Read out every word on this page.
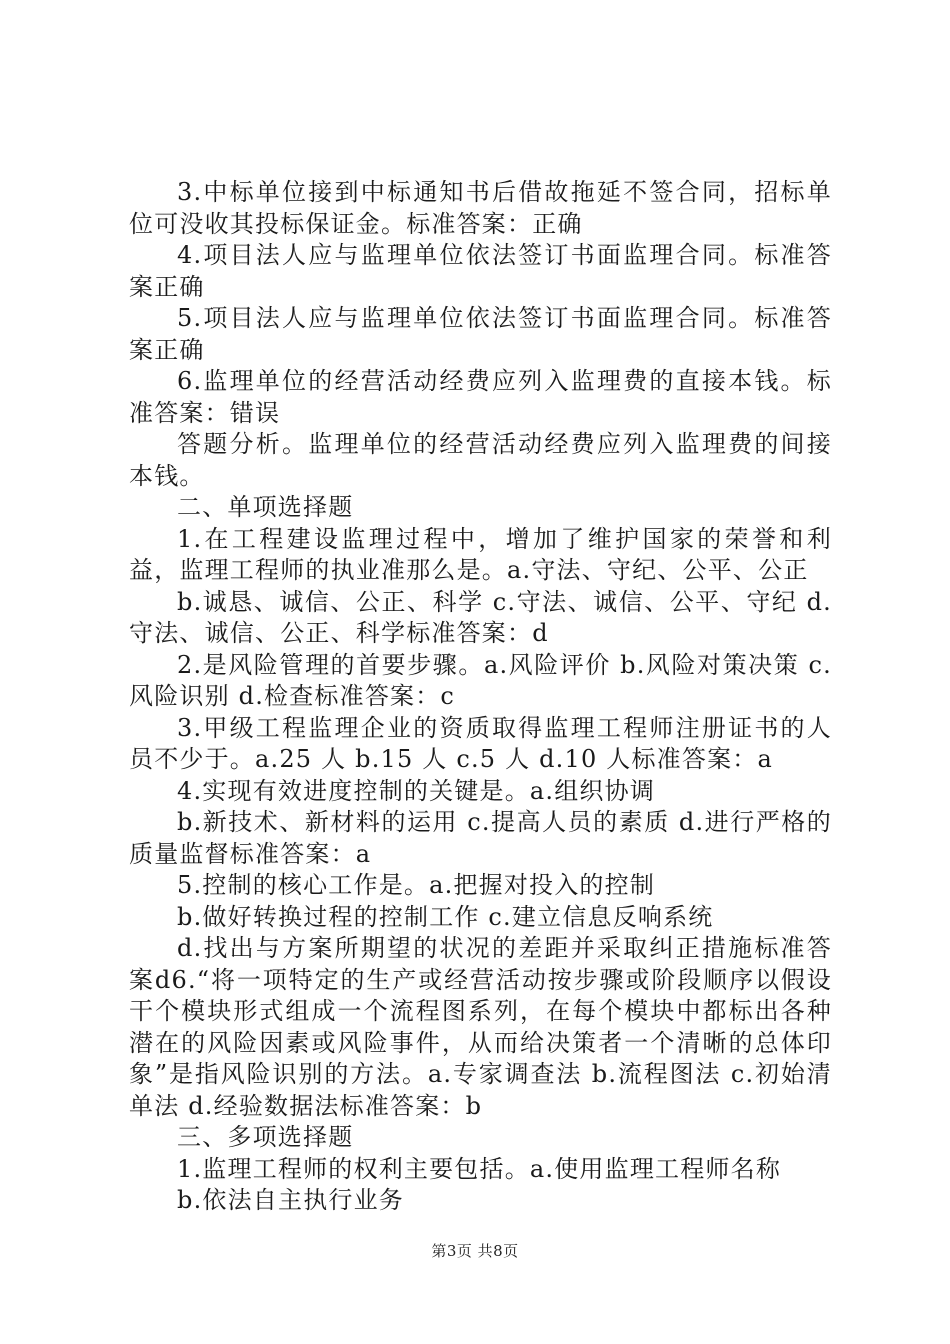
3.中标单位接到中标通知书后借故拖延不签合同，招标单位可没收其投标保证金。标准答案：正确

4.项目法人应与监理单位依法签订书面监理合同。标准答案正确

5.项目法人应与监理单位依法签订书面监理合同。标准答案正确

6.监理单位的经营活动经费应列入监理费的直接本钱。标准答案：错误

答题分析。监理单位的经营活动经费应列入监理费的间接本钱。

二、单项选择题

1.在工程建设监理过程中，增加了维护国家的荣誉和利益，监理工程师的执业准那么是。a.守法、守纪、公平、公正

b.诚恳、诚信、公正、科学 c.守法、诚信、公平、守纪 d.守法、诚信、公正、科学标准答案：d

2.是风险管理的首要步骤。a.风险评价 b.风险对策决策 c.风险识别 d.检查标准答案：c

3.甲级工程监理企业的资质取得监理工程师注册证书的人员不少于。a.25 人 b.15 人 c.5 人 d.10 人标准答案：a

4.实现有效进度控制的关键是。a.组织协调

b.新技术、新材料的运用 c.提高人员的素质 d.进行严格的质量监督标准答案：a

5.控制的核心工作是。a.把握对投入的控制

b.做好转换过程的控制工作 c.建立信息反响系统

d.找出与方案所期望的状况的差距并采取纠正措施标准答案d6.“将一项特定的生产或经营活动按步骤或阶段顺序以假设干个模块形式组成一个流程图系列，在每个模块中都标出各种潜在的风险因素或风险事件，从而给决策者一个清晰的总体印象”是指风险识别的方法。a.专家调查法 b.流程图法 c.初始清单法 d.经验数据法标准答案：b

三、多项选择题

1.监理工程师的权利主要包括。a.使用监理工程师名称

b.依法自主执行业务

第3页 共8页
